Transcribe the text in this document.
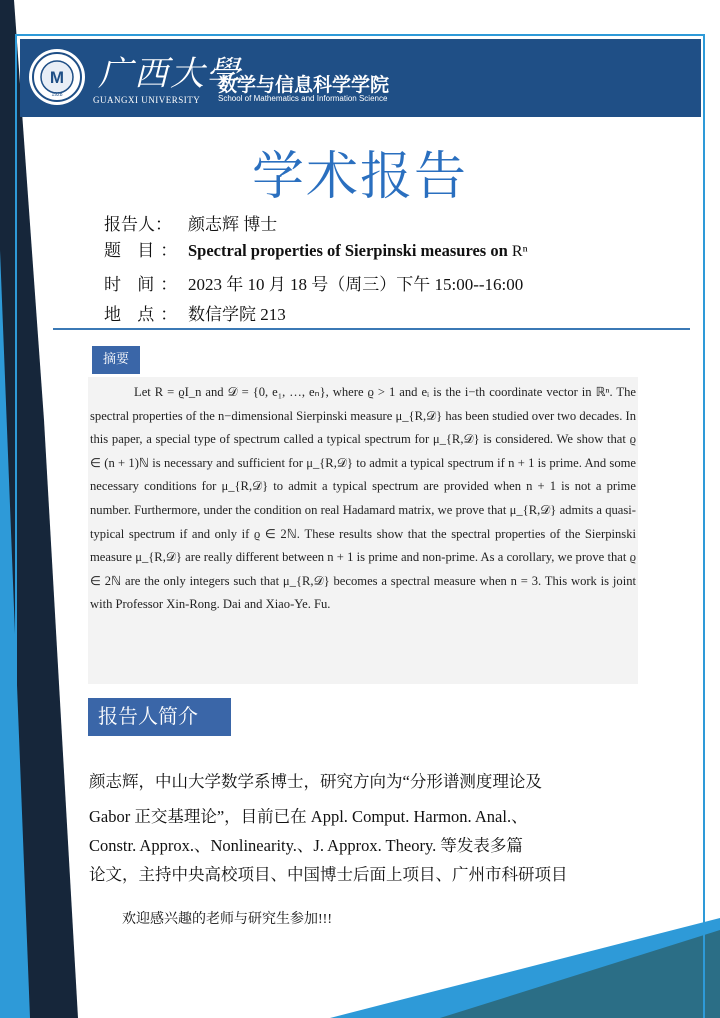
M
1928
广西大學
GUANGXI UNIVERSITY
数学与信息科学学院
School of Mathematics and Information Science
学术报告
报告人： 颜志辉 博士
题 目： Spectral properties of Sierpinski measures on Rⁿ
时 间： 2023 年 10 月 18 号（周三）下午 15:00--16:00
地 点： 数信学院 213
摘要

Let R = ϱI_n and 𝒟 = {0, e₁, …, eₙ}, where ϱ > 1 and eᵢ is the i−th coordinate vector in ℝⁿ. The spectral properties of the n−dimensional Sierpinski measure μ_{R,𝒟} has been studied over two decades. In this paper, a special type of spectrum called a typical spectrum for μ_{R,𝒟} is considered. We show that ϱ ∈ (n + 1)ℕ is necessary and sufficient for μ_{R,𝒟} to admit a typical spectrum if n + 1 is prime. And some necessary conditions for μ_{R,𝒟} to admit a typical spectrum are provided when n + 1 is not a prime number. Furthermore, under the condition on real Hadamard matrix, we prove that μ_{R,𝒟} admits a quasi-typical spectrum if and only if ϱ ∈ 2ℕ. These results show that the spectral properties of the Sierpinski measure μ_{R,𝒟} are really different between n + 1 is prime and non-prime. As a corollary, we prove that ϱ ∈ 2ℕ are the only integers such that μ_{R,𝒟} becomes a spectral measure when n = 3. This work is joint with Professor Xin-Rong. Dai and Xiao-Ye. Fu.

报告人简介
颜志辉，中山大学数学系博士，研究方向为“分形谱测度理论及
Gabor 正交基理论”，目前已在 Appl. Comput. Harmon. Anal.、
Constr. Approx.、Nonlinearity.、J. Approx. Theory. 等发表多篇
论文，主持中央高校项目、中国博士后面上项目、广州市科研项目
欢迎感兴趣的老师与研究生参加!!!
